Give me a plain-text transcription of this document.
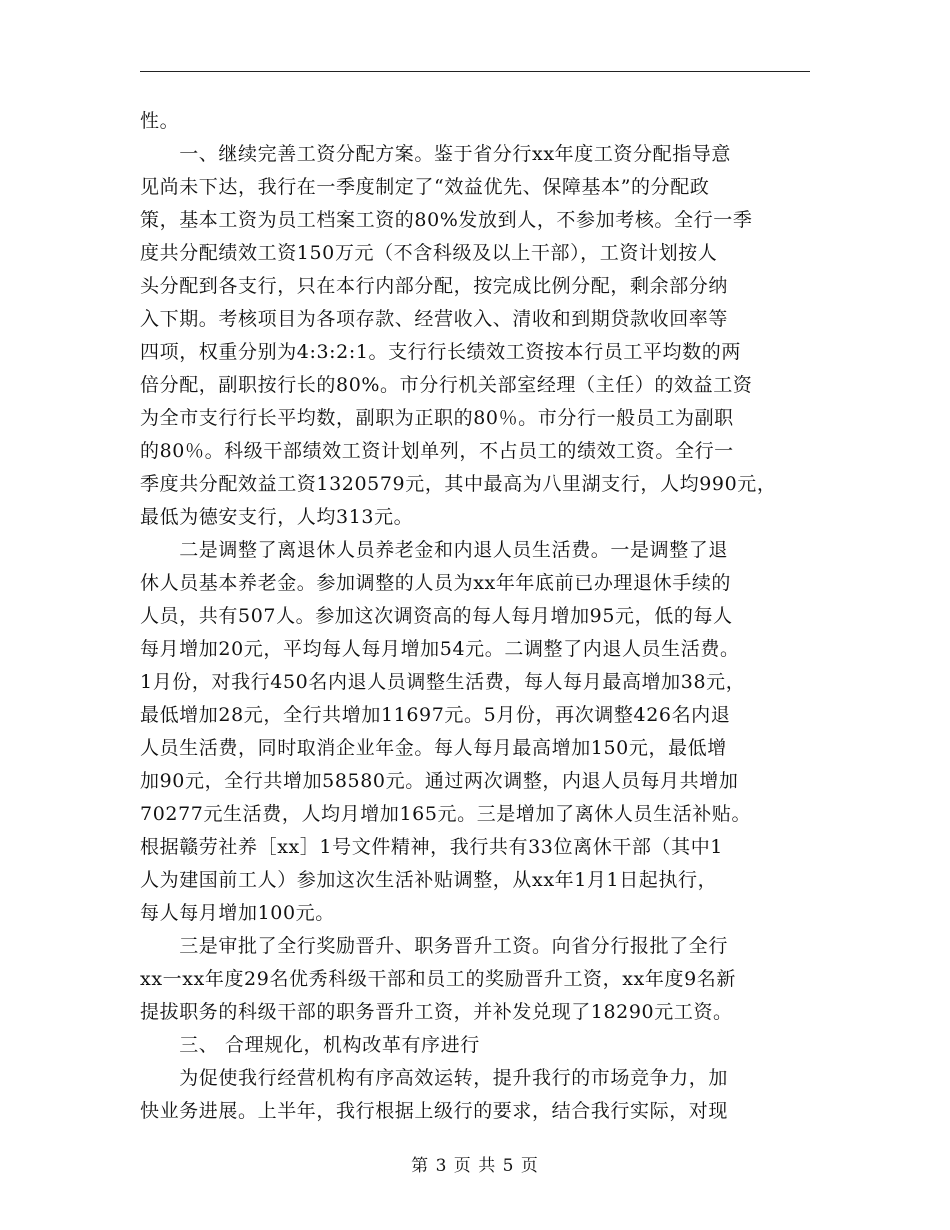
性。
　　一、继续完善工资分配方案。鉴于省分行xx年度工资分配指导意
见尚未下达，我行在一季度制定了“效益优先、保障基本”的分配政
策，基本工资为员工档案工资的80%发放到人，不参加考核。全行一季
度共分配绩效工资150万元（不含科级及以上干部），工资计划按人
头分配到各支行，只在本行内部分配，按完成比例分配，剩余部分纳
入下期。考核项目为各项存款、经营收入、清收和到期贷款收回率等
四项，权重分别为4:3:2:1。支行行长绩效工资按本行员工平均数的两
倍分配，副职按行长的80%。市分行机关部室经理（主任）的效益工资
为全市支行行长平均数，副职为正职的80％。市分行一般员工为副职
的80％。科级干部绩效工资计划单列，不占员工的绩效工资。全行一
季度共分配效益工资1320579元，其中最高为八里湖支行，人均990元，
最低为德安支行，人均313元。
　　二是调整了离退休人员养老金和内退人员生活费。一是调整了退
休人员基本养老金。参加调整的人员为xx年年底前已办理退休手续的
人员，共有507人。参加这次调资高的每人每月增加95元，低的每人
每月增加20元，平均每人每月增加54元。二调整了内退人员生活费。
1月份，对我行450名内退人员调整生活费，每人每月最高增加38元，
最低增加28元，全行共增加11697元。5月份，再次调整426名内退
人员生活费，同时取消企业年金。每人每月最高增加150元，最低增
加90元，全行共增加58580元。通过两次调整，内退人员每月共增加
70277元生活费，人均月增加165元。三是增加了离休人员生活补贴。
根据赣劳社养［xx］1号文件精神，我行共有33位离休干部（其中1
人为建国前工人）参加这次生活补贴调整，从xx年1月1日起执行，
每人每月增加100元。
　　三是审批了全行奖励晋升、职务晋升工资。向省分行报批了全行
xx一xx年度29名优秀科级干部和员工的奖励晋升工资，xx年度9名新
提拔职务的科级干部的职务晋升工资，并补发兑现了18290元工资。
　　三、 合理规化，机构改革有序进行
　　为促使我行经营机构有序高效运转，提升我行的市场竞争力，加
快业务进展。上半年，我行根据上级行的要求，结合我行实际，对现
第 3 页 共 5 页
